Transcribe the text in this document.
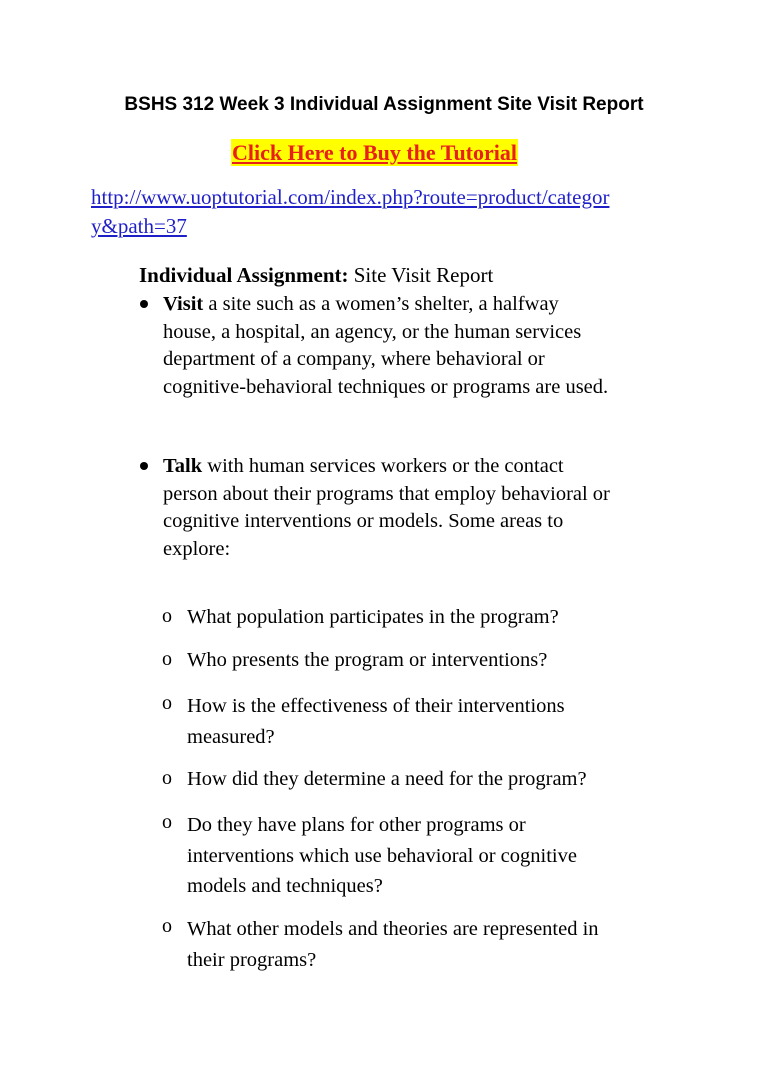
BSHS 312 Week 3 Individual Assignment Site Visit Report
Click Here to Buy the Tutorial
http://www.uoptutorial.com/index.php?route=product/categor
y&path=37
Individual Assignment: Site Visit Report
Visit a site such as a women’s shelter, a halfway
house, a hospital, an agency, or the human services
department of a company, where behavioral or
cognitive-behavioral techniques or programs are used.
Talk with human services workers or the contact
person about their programs that employ behavioral or
cognitive interventions or models. Some areas to
explore:
o What population participates in the program?
o Who presents the program or interventions?
o How is the effectiveness of their interventions
measured?
o How did they determine a need for the program?
o Do they have plans for other programs or
interventions which use behavioral or cognitive
models and techniques?
o What other models and theories are represented in
their programs?
